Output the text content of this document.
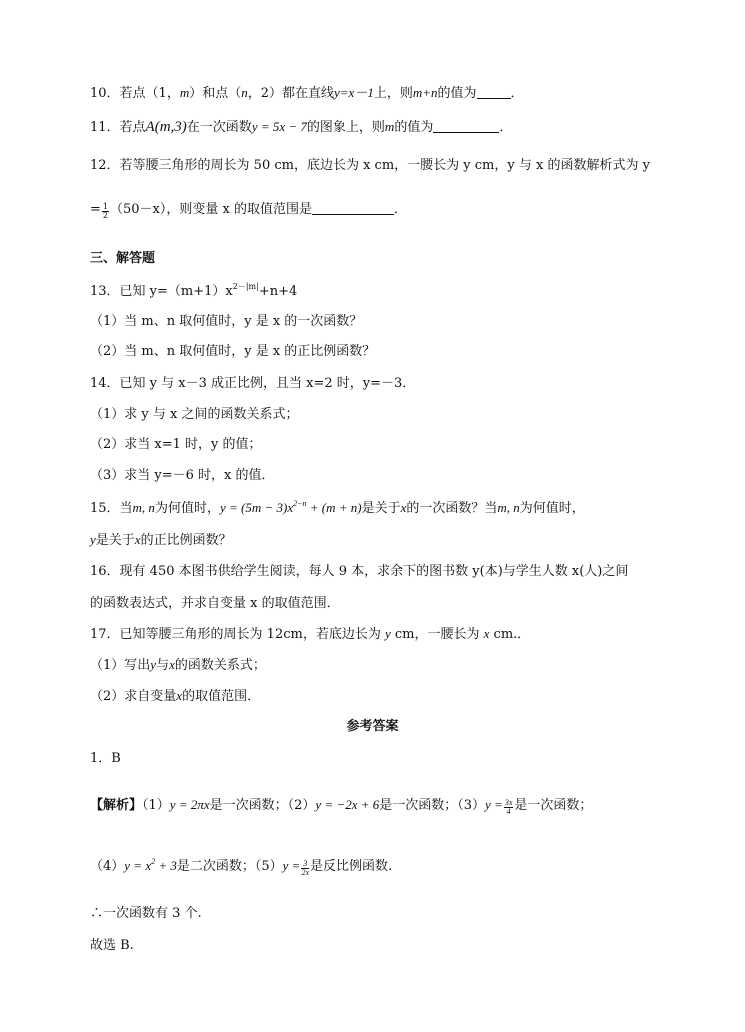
10．若点（1，m）和点（n，2）都在直线y=x－1上，则m+n的值为	．
11．若点A(m,3)在一次函数y = 5x − 7的图象上，则m的值为	．
12．若等腰三角形的周长为 50 cm，底边长为 x cm，一腰长为 y cm，y 与 x 的函数解析式为 y
= $\frac{1}{2} (50-x)$，则变量 x 的取值范围是	．
三、解答题
13．已知 $y=(m+1)x^{2-|m|}+n+4$
（1）当 m、n 取何值时，y 是 x 的一次函数？
（2）当 m、n 取何值时，y 是 x 的正比例函数？
14．已知 y 与 x－3 成正比例，且当 x=2 时，y=－3．
（1）求 y 与 x 之间的函数关系式；
（2）求当 x=1 时，y 的值；
（3）求当 y=－6 时，x 的值．
15．当m, n为何值时，$y = (5m - 3)x^{2-n} + (m + n)$是关于x的一次函数？当m, n为何值时，
y是关于x的正比例函数？
16．现有 450 本图书供给学生阅读，每人 9 本，求余下的图书数 y(本)与学生人数 x(人)之间
的函数表达式，并求自变量 x 的取值范围．
17．已知等腰三角形的周长为 12cm，若底边长为 y cm，一腰长为 x cm.．
（1）写出y与x的函数关系式；
（2）求自变量x的取值范围．
参考答案
1．B
【解析】（1）y = 2πx是一次函数；（2）y = −2x + 6是一次函数；$(3)y = \frac{3x}{4}$ 是一次函数；
$(4)y = x^2 + 3$是二次函数；$(5)y = \frac{3}{2x}$ 是反比例函数.
∴一次函数有 3 个.
故选 B.
